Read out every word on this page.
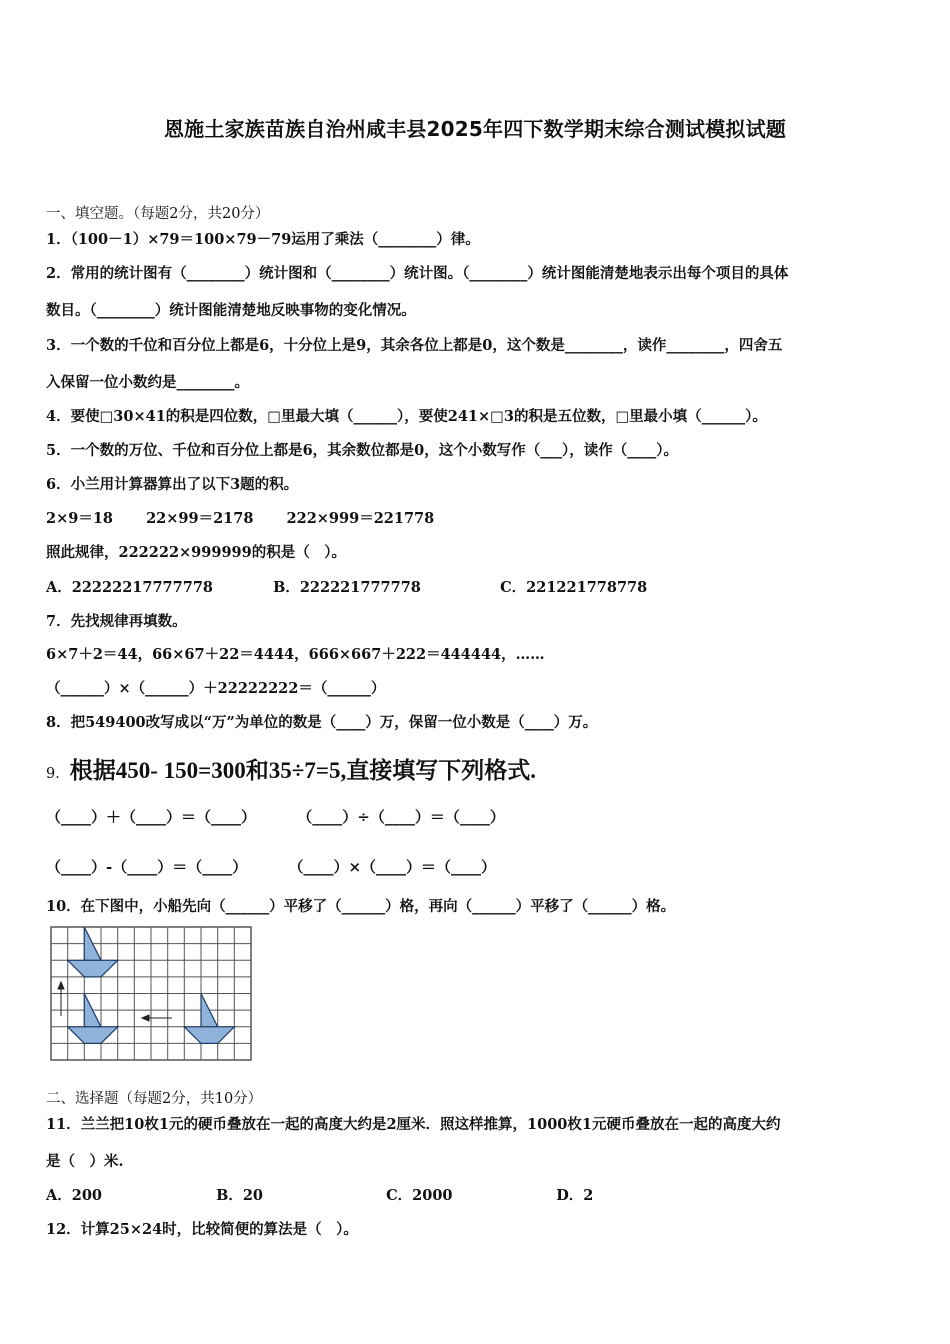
恩施土家族苗族自治州咸丰县2025年四下数学期末综合测试模拟试题
一、填空题。（每题2分，共20分）
1．（100－1）×79＝100×79－79运用了乘法（________）律。
2．常用的统计图有（________）统计图和（________）统计图。（________）统计图能清楚地表示出每个项目的具体
数目。（________）统计图能清楚地反映事物的变化情况。
3．一个数的千位和百分位上都是6，十分位上是9，其余各位上都是0，这个数是________，读作________，四舍五
入保留一位小数约是________。
4．要使□30×41的积是四位数，□里最大填（______），要使241×□3的积是五位数，□里最小填（______）。
5．一个数的万位、千位和百分位上都是6，其余数位都是0，这个小数写作（___），读作（____）。
6．小兰用计算器算出了以下3题的积。
2×9＝18 22×99＝2178 222×999＝221778
照此规律，222222×999999的积是（　）。
A．22222217777778	B．222221777778	C．221221778778
7．先找规律再填数。
6×7＋2＝44，66×67＋22＝4444，666×667＋222＝444444，……
（______）×（______）＋22222222＝（______）
8．把549400改写成以“万”为单位的数是（____）万，保留一位小数是（____）万。
9．根据450- 150=300和35÷7=5,直接填写下列格式.
（____）＋（____）＝（____）	（____）÷（____）＝（____）
（____）-（____）＝（____）	（____）×（____）＝（____）
10．在下图中，小船先向（______）平移了（______）格，再向（______）平移了（______）格。
二、选择题（每题2分，共10分）
11．兰兰把10枚1元的硬币叠放在一起的高度大约是2厘米．照这样推算，1000枚1元硬币叠放在一起的高度大约
是（　）米.
A．200	B．20	C．2000	D．2
12．计算25×24时，比较简便的算法是（　）。
